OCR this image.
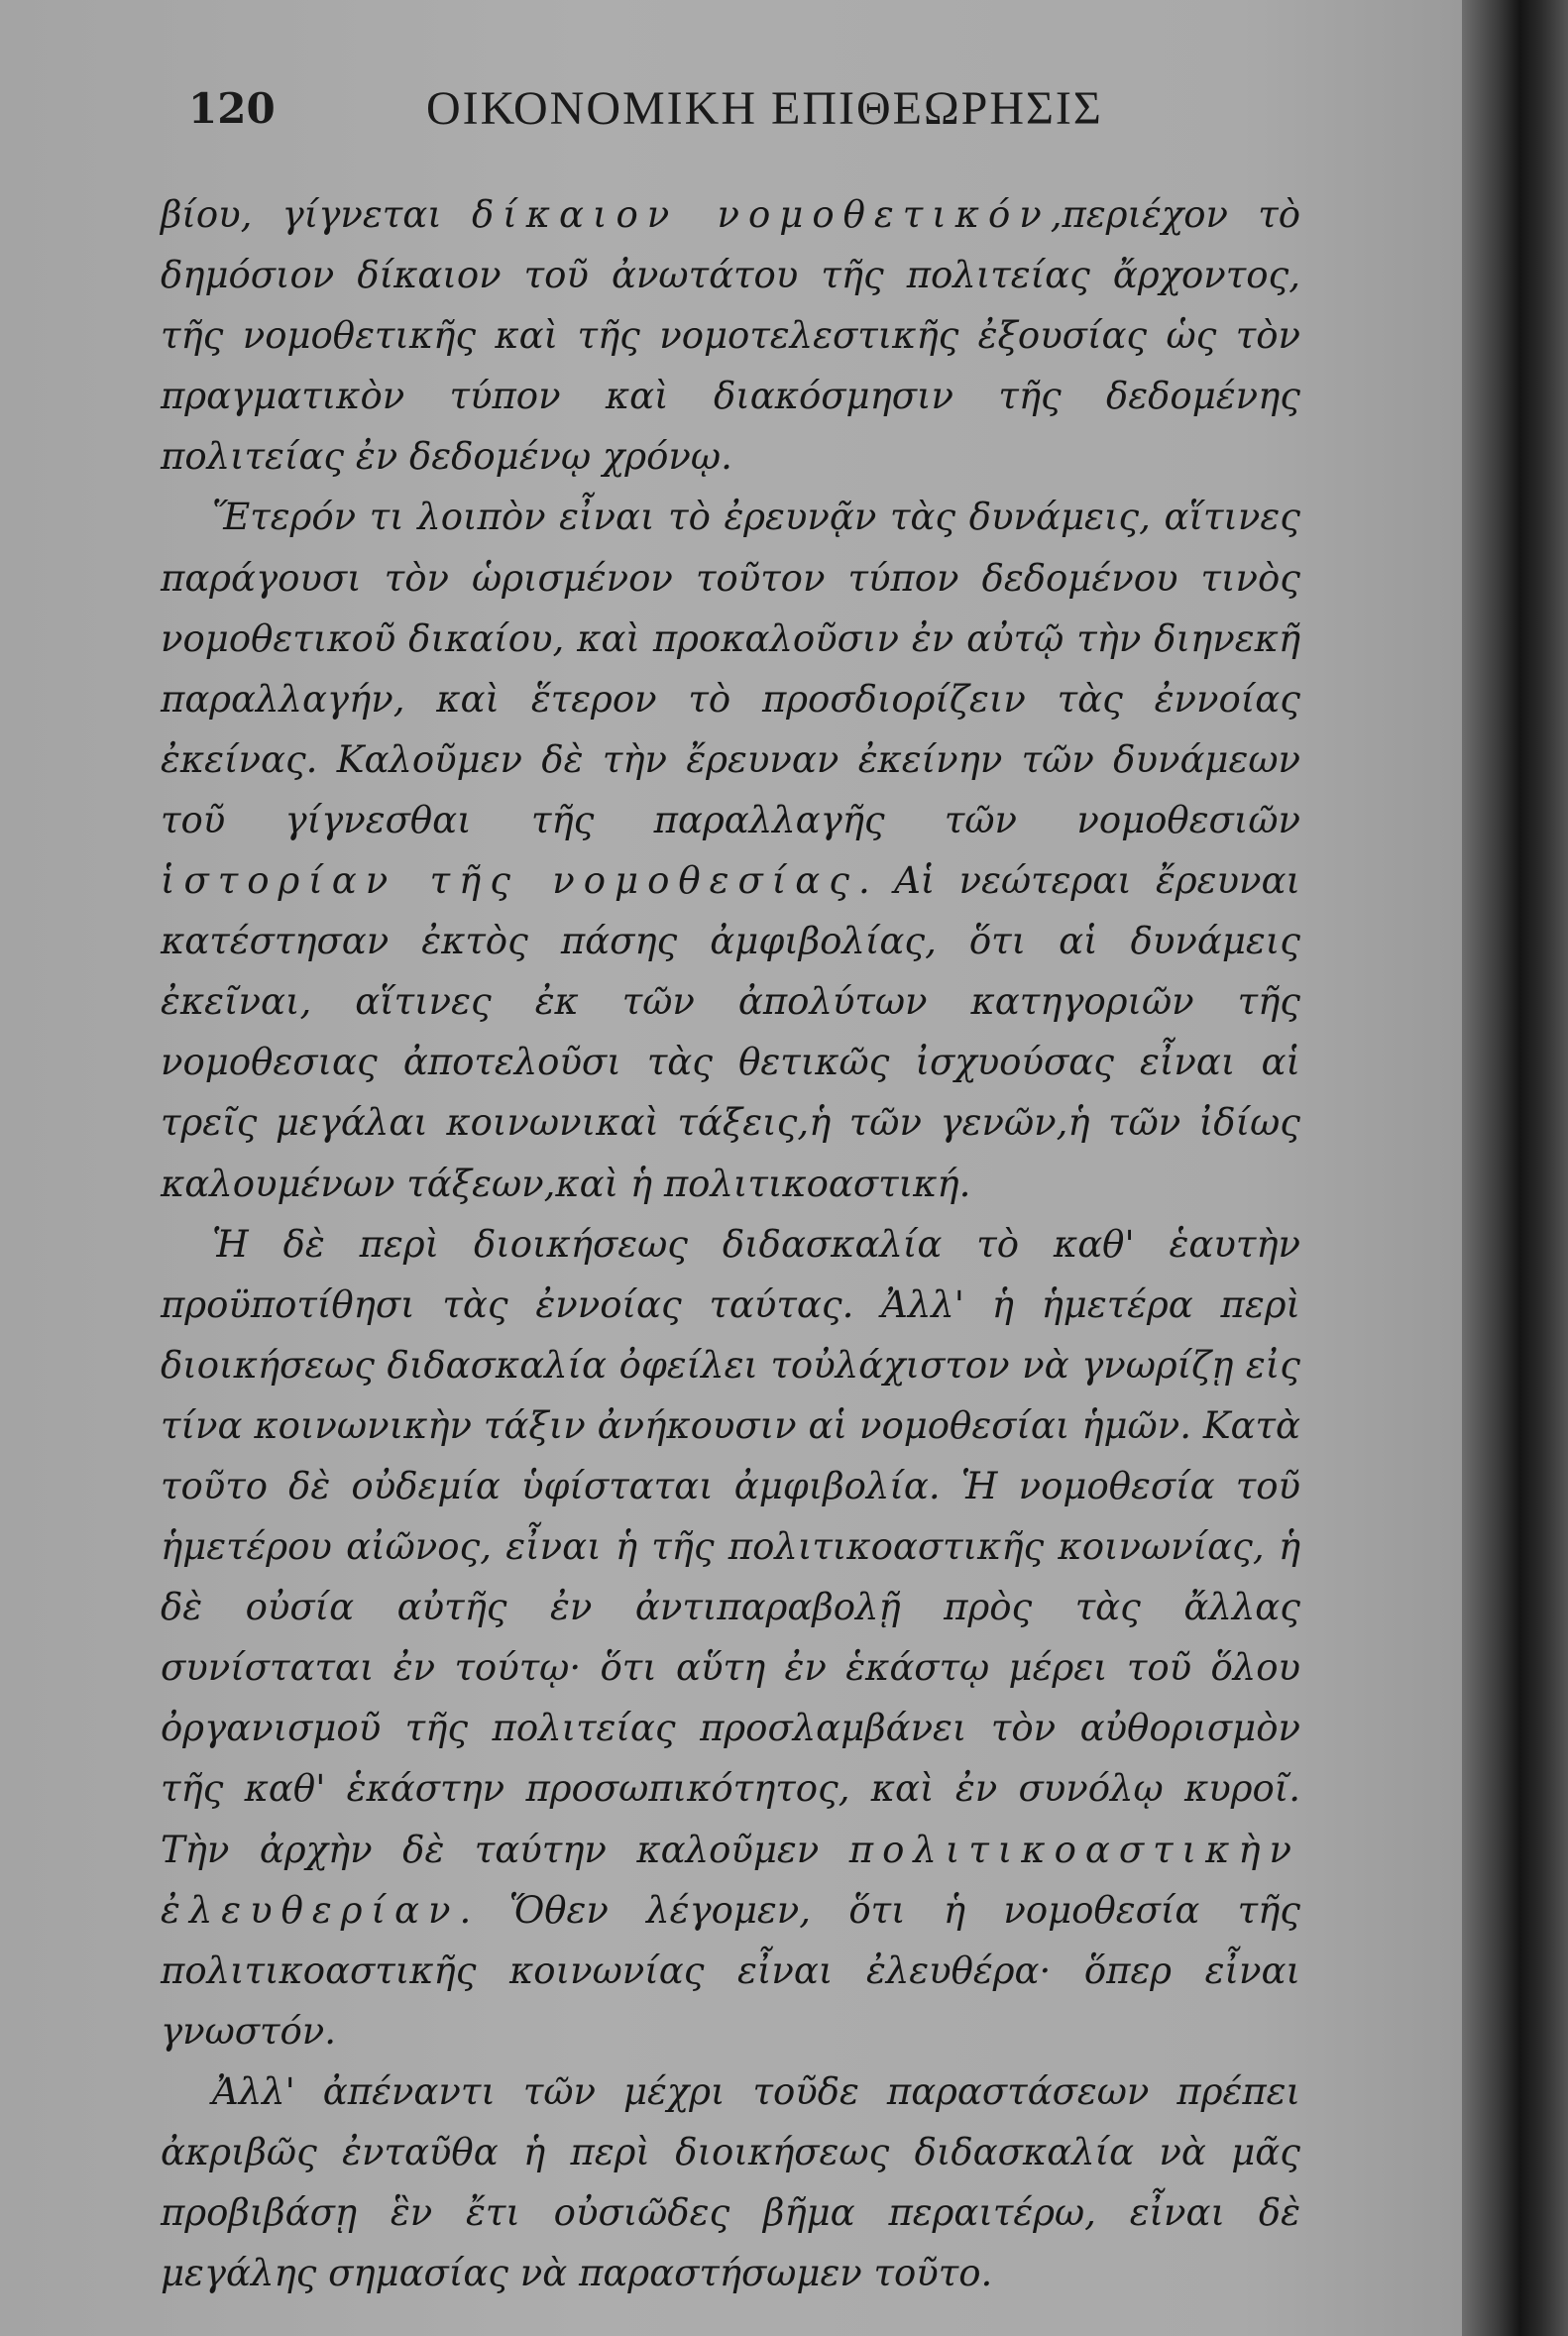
120	ΟΙΚΟΝΟΜΙΚΗ ΕΠΙΘΕΩΡΗΣΙΣ

βίου, γίγνεται δίκαιον νομοθετικόν,περιέχον τὸ δημόσιον δίκαιον τοῦ ἀνωτάτου τῆς πολιτείας ἄρχοντος, τῆς νομοθετικῆς καὶ τῆς νομοτελεστικῆς ἐξουσίας ὡς τὸν πραγματικὸν τύπον καὶ διακόσμησιν τῆς δεδομένης πολιτείας ἐν δεδομένῳ χρόνῳ.

Ἕτερόν τι λοιπὸν εἶναι τὸ ἐρευνᾷν τὰς δυνάμεις, αἵτινες παράγουσι τὸν ὡρισμένον τοῦτον τύπον δεδομένου τινὸς νομοθετικοῦ δικαίου, καὶ προκαλοῦσιν ἐν αὐτῷ τὴν διηνεκῆ παραλλαγήν, καὶ ἕτερον τὸ προσδιορίζειν τὰς ἐννοίας ἐκείνας. Καλοῦμεν δὲ τὴν ἔρευναν ἐκείνην τῶν δυνάμεων τοῦ γίγνεσθαι τῆς παραλλαγῆς τῶν νομοθεσιῶν ἱστορίαν τῆς νομοθεσίας. Αἱ νεώτεραι ἔρευναι κατέστησαν ἐκτὸς πάσης ἀμφιβολίας, ὅτι αἱ δυνάμεις ἐκεῖναι, αἵτινες ἐκ τῶν ἀπολύτων κατηγοριῶν τῆς νομοθεσιας ἀποτελοῦσι τὰς θετικῶς ἰσχυούσας εἶναι αἱ τρεῖς μεγάλαι κοινωνικαὶ τάξεις,ἡ τῶν γενῶν,ἡ τῶν ἰδίως καλουμένων τάξεων,καὶ ἡ πολιτικοαστική.

Ἡ δὲ περὶ διοικήσεως διδασκαλία τὸ καθ' ἑαυτὴν προϋποτίθησι τὰς ἐννοίας ταύτας. Ἀλλ' ἡ ἡμετέρα περὶ διοικήσεως διδασκαλία ὀφείλει τοὐλάχιστον νὰ γνωρίζῃ εἰς τίνα κοινωνικὴν τάξιν ἀνήκουσιν αἱ νομοθεσίαι ἡμῶν. Κατὰ τοῦτο δὲ οὐδεμία ὑφίσταται ἀμφιβολία. Ἡ νομοθεσία τοῦ ἡμετέρου αἰῶνος, εἶναι ἡ τῆς πολιτικοαστικῆς κοινωνίας, ἡ δὲ οὐσία αὐτῆς ἐν ἀντιπαραβολῇ πρὸς τὰς ἄλλας συνίσταται ἐν τούτῳ· ὅτι αὕτη ἐν ἑκάστῳ μέρει τοῦ ὅλου ὀργανισμοῦ τῆς πολιτείας προσλαμβάνει τὸν αὐθορισμὸν τῆς καθ' ἑκάστην προσωπικότητος, καὶ ἐν συνόλῳ κυροῖ. Τὴν ἀρχὴν δὲ ταύτην καλοῦμεν πολιτικοαστικὴν ἐλευθερίαν. Ὅθεν λέγομεν, ὅτι ἡ νομοθεσία τῆς πολιτικοαστικῆς κοινωνίας εἶναι ἐλευθέρα· ὅπερ εἶναι γνωστόν.

Ἀλλ' ἀπέναντι τῶν μέχρι τοῦδε παραστάσεων πρέπει ἀκριβῶς ἐνταῦθα ἡ περὶ διοικήσεως διδασκαλία νὰ μᾶς προβιβάσῃ ἓν ἔτι οὐσιῶδες βῆμα περαιτέρω, εἶναι δὲ μεγάλης σημασίας νὰ παραστήσωμεν τοῦτο.
